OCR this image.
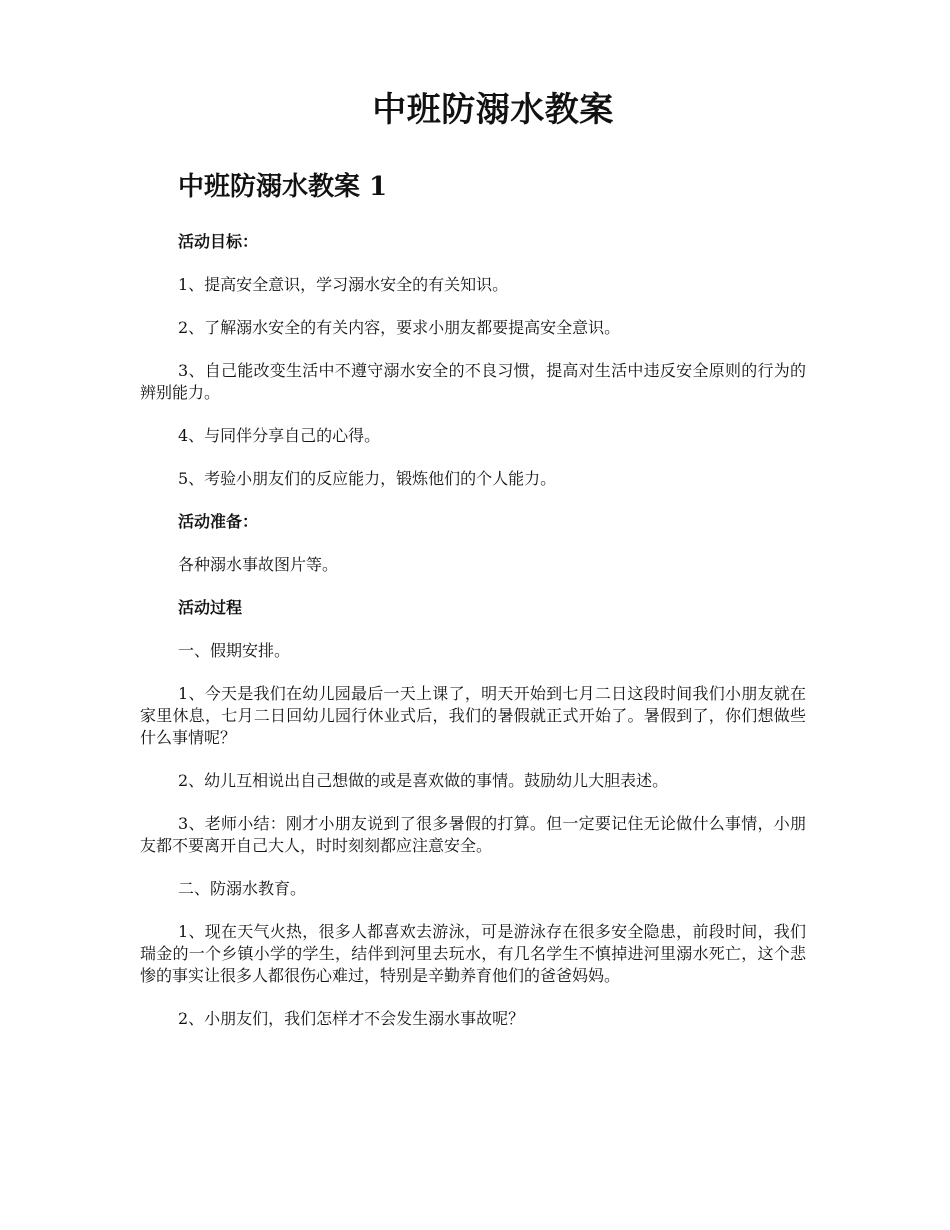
中班防溺水教案
中班防溺水教案 1

活动目标：

1、提高安全意识，学习溺水安全的有关知识。

2、了解溺水安全的有关内容，要求小朋友都要提高安全意识。

3、自己能改变生活中不遵守溺水安全的不良习惯，提高对生活中违反安全原则的行为的辨别能力。

4、与同伴分享自己的心得。

5、考验小朋友们的反应能力，锻炼他们的个人能力。

活动准备：

各种溺水事故图片等。

活动过程

一、假期安排。

1、今天是我们在幼儿园最后一天上课了，明天开始到七月二日这段时间我们小朋友就在家里休息，七月二日回幼儿园行休业式后，我们的暑假就正式开始了。暑假到了，你们想做些什么事情呢？

2、幼儿互相说出自己想做的或是喜欢做的事情。鼓励幼儿大胆表述。

3、老师小结：刚才小朋友说到了很多暑假的打算。但一定要记住无论做什么事情，小朋友都不要离开自己大人，时时刻刻都应注意安全。

二、防溺水教育。

1、现在天气火热，很多人都喜欢去游泳，可是游泳存在很多安全隐患，前段时间，我们瑞金的一个乡镇小学的学生，结伴到河里去玩水，有几名学生不慎掉进河里溺水死亡，这个悲惨的事实让很多人都很伤心难过，特别是辛勤养育他们的爸爸妈妈。

2、小朋友们，我们怎样才不会发生溺水事故呢？
